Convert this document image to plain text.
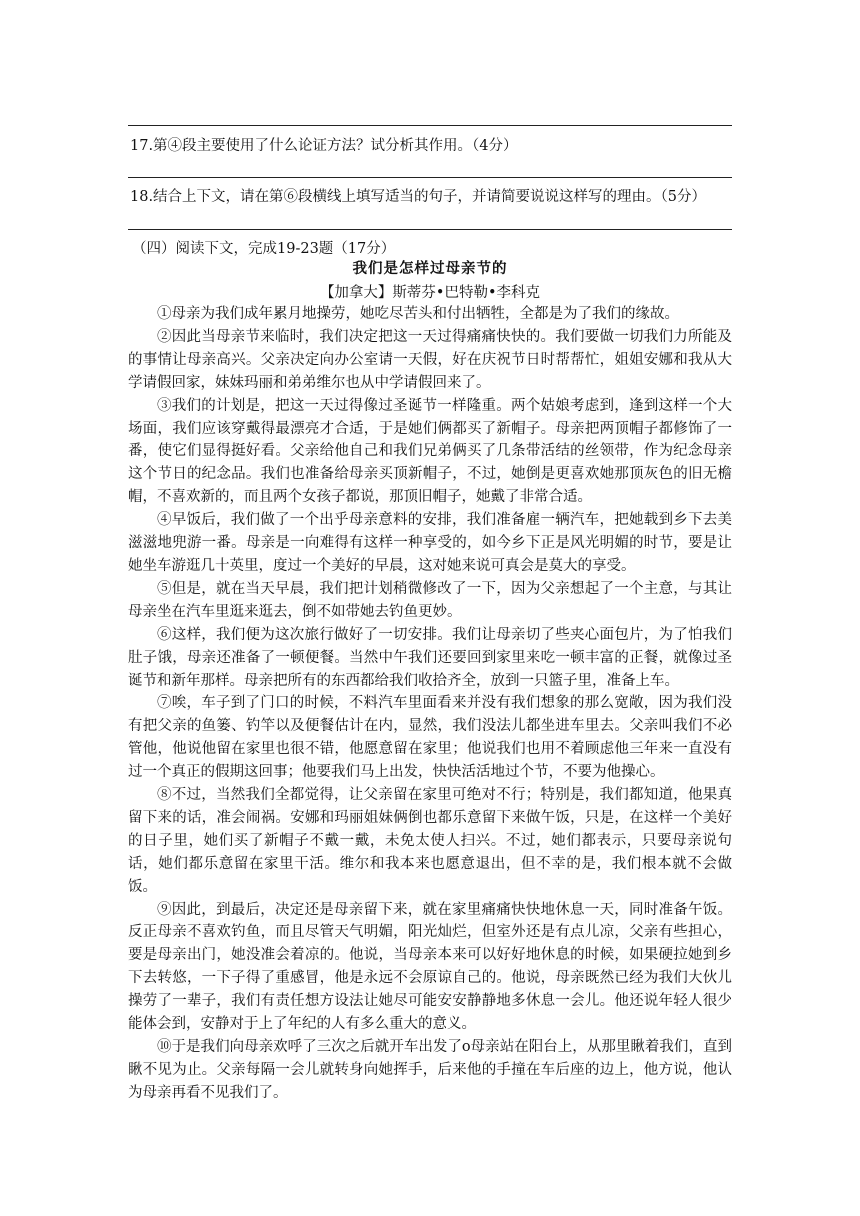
17.第④段主要使用了什么论证方法？试分析其作用。（4分）
18.结合上下文，请在第⑥段横线上填写适当的句子，并请简要说说这样写的理由。（5分）
（四）阅读下文，完成19-23题（17分）
我们是怎样过母亲节的
【加拿大】斯蒂芬•巴特勒•李科克

①母亲为我们成年累月地操劳，她吃尽苦头和付出牺牲，全都是为了我们的缘故。

②因此当母亲节来临时，我们决定把这一天过得痛痛快快的。我们要做一切我们力所能及的事情让母亲高兴。父亲决定向办公室请一天假，好在庆祝节日时帮帮忙，姐姐安娜和我从大学请假回家，妹妹玛丽和弟弟维尔也从中学请假回来了。

③我们的计划是，把这一天过得像过圣诞节一样隆重。两个姑娘考虑到，逢到这样一个大场面，我们应该穿戴得最漂亮才合适，于是她们俩都买了新帽子。母亲把两顶帽子都修饰了一番，使它们显得挺好看。父亲给他自己和我们兄弟俩买了几条带活结的丝领带，作为纪念母亲这个节日的纪念品。我们也准备给母亲买顶新帽子，不过，她倒是更喜欢她那顶灰色的旧无檐帽，不喜欢新的，而且两个女孩子都说，那顶旧帽子，她戴了非常合适。

④早饭后，我们做了一个出乎母亲意料的安排，我们准备雇一辆汽车，把她载到乡下去美滋滋地兜游一番。母亲是一向难得有这样一种享受的，如今乡下正是风光明媚的时节，要是让她坐车游逛几十英里，度过一个美好的早晨，这对她来说可真会是莫大的享受。

⑤但是，就在当天早晨，我们把计划稍微修改了一下，因为父亲想起了一个主意，与其让母亲坐在汽车里逛来逛去，倒不如带她去钓鱼更妙。

⑥这样，我们便为这次旅行做好了一切安排。我们让母亲切了些夹心面包片，为了怕我们肚子饿，母亲还准备了一顿便餐。当然中午我们还要回到家里来吃一顿丰富的正餐，就像过圣诞节和新年那样。母亲把所有的东西都给我们收拾齐全，放到一只篮子里，准备上车。

⑦唉，车子到了门口的时候，不料汽车里面看来并没有我们想象的那么宽敞，因为我们没有把父亲的鱼篓、钓竿以及便餐估计在内，显然，我们没法儿都坐进车里去。父亲叫我们不必管他，他说他留在家里也很不错，他愿意留在家里；他说我们也用不着顾虑他三年来一直没有过一个真正的假期这回事；他要我们马上出发，快快活活地过个节，不要为他操心。

⑧不过，当然我们全都觉得，让父亲留在家里可绝对不行；特别是，我们都知道，他果真留下来的话，准会闹祸。安娜和玛丽姐妹俩倒也都乐意留下来做午饭，只是，在这样一个美好的日子里，她们买了新帽子不戴一戴，未免太使人扫兴。不过，她们都表示，只要母亲说句话，她们都乐意留在家里干活。维尔和我本来也愿意退出，但不幸的是，我们根本就不会做饭。

⑨因此，到最后，决定还是母亲留下来，就在家里痛痛快快地休息一天，同时准备午饭。反正母亲不喜欢钓鱼，而且尽管天气明媚，阳光灿烂，但室外还是有点儿凉，父亲有些担心，要是母亲出门，她没准会着凉的。他说，当母亲本来可以好好地休息的时候，如果硬拉她到乡下去转悠，一下子得了重感冒，他是永远不会原谅自己的。他说，母亲既然已经为我们大伙儿操劳了一辈子，我们有责任想方设法让她尽可能安安静静地多休息一会儿。他还说年轻人很少能体会到，安静对于上了年纪的人有多么重大的意义。

⑩于是我们向母亲欢呼了三次之后就开车出发了o母亲站在阳台上，从那里瞅着我们，直到瞅不见为止。父亲每隔一会儿就转身向她挥手，后来他的手撞在车后座的边上，他方说，他认为母亲再看不见我们了。
